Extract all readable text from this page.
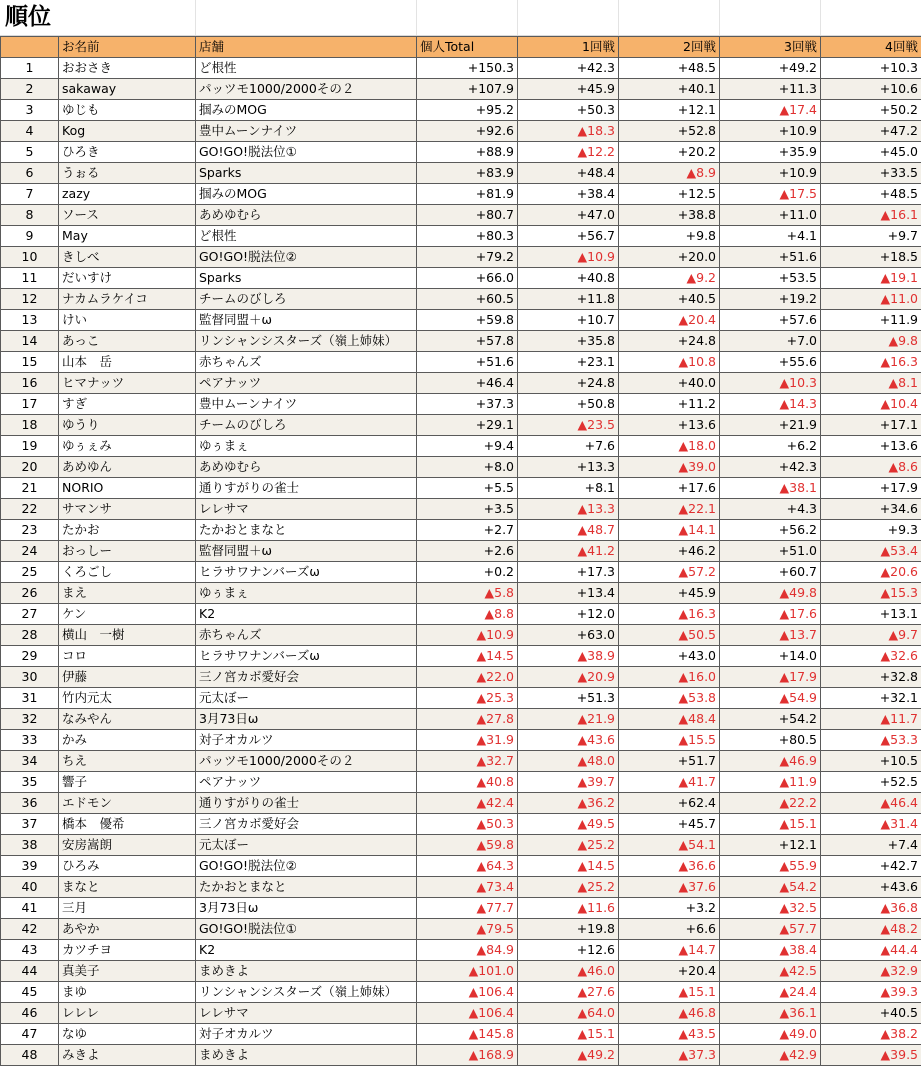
順位
	お名前	店舗	個人Total	1回戦	2回戦	3回戦	4回戦
1	おおさき	ど根性	+150.3	+42.3	+48.5	+49.2	+10.3
2	sakaway	パッツモ1000/2000その２	+107.9	+45.9	+40.1	+11.3	+10.6
3	ゆじも	掴みのMOG	+95.2	+50.3	+12.1	▲17.4	+50.2
4	Kog	豊中ムーンナイツ	+92.6	▲18.3	+52.8	+10.9	+47.2
5	ひろき	GO!GO!脱法位①	+88.9	▲12.2	+20.2	+35.9	+45.0
6	うぉる	Sparks	+83.9	+48.4	▲8.9	+10.9	+33.5
7	zazy	掴みのMOG	+81.9	+38.4	+12.5	▲17.5	+48.5
8	ソース	あめゆむら	+80.7	+47.0	+38.8	+11.0	▲16.1
9	May	ど根性	+80.3	+56.7	+9.8	+4.1	+9.7
10	きしべ	GO!GO!脱法位②	+79.2	▲10.9	+20.0	+51.6	+18.5
11	だいすけ	Sparks	+66.0	+40.8	▲9.2	+53.5	▲19.1
12	ナカムラケイコ	チームのびしろ	+60.5	+11.8	+40.5	+19.2	▲11.0
13	けい	監督同盟＋ω	+59.8	+10.7	▲20.4	+57.6	+11.9
14	あっこ	リンシャンシスターズ（嶺上姉妹）	+57.8	+35.8	+24.8	+7.0	▲9.8
15	山本　岳	赤ちゃんズ	+51.6	+23.1	▲10.8	+55.6	▲16.3
16	ヒマナッツ	ペアナッツ	+46.4	+24.8	+40.0	▲10.3	▲8.1
17	すぎ	豊中ムーンナイツ	+37.3	+50.8	+11.2	▲14.3	▲10.4
18	ゆうり	チームのびしろ	+29.1	▲23.5	+13.6	+21.9	+17.1
19	ゆぅぇみ	ゆぅまぇ	+9.4	+7.6	▲18.0	+6.2	+13.6
20	あめゆん	あめゆむら	+8.0	+13.3	▲39.0	+42.3	▲8.6
21	NORIO	通りすがりの雀士	+5.5	+8.1	+17.6	▲38.1	+17.9
22	サマンサ	レレサマ	+3.5	▲13.3	▲22.1	+4.3	+34.6
23	たかお	たかおとまなと	+2.7	▲48.7	▲14.1	+56.2	+9.3
24	おっしー	監督同盟＋ω	+2.6	▲41.2	+46.2	+51.0	▲53.4
25	くろごし	ヒラサワナンバーズω	+0.2	+17.3	▲57.2	+60.7	▲20.6
26	まえ	ゆぅまぇ	▲5.8	+13.4	+45.9	▲49.8	▲15.3
27	ケン	K2	▲8.8	+12.0	▲16.3	▲17.6	+13.1
28	横山　一樹	赤ちゃんズ	▲10.9	+63.0	▲50.5	▲13.7	▲9.7
29	コロ	ヒラサワナンバーズω	▲14.5	▲38.9	+43.0	+14.0	▲32.6
30	伊藤	三ノ宮カボ愛好会	▲22.0	▲20.9	▲16.0	▲17.9	+32.8
31	竹内元太	元太ぼー	▲25.3	+51.3	▲53.8	▲54.9	+32.1
32	なみやん	3月73日ω	▲27.8	▲21.9	▲48.4	+54.2	▲11.7
33	かみ	対子オカルツ	▲31.9	▲43.6	▲15.5	+80.5	▲53.3
34	ちえ	パッツモ1000/2000その２	▲32.7	▲48.0	+51.7	▲46.9	+10.5
35	響子	ペアナッツ	▲40.8	▲39.7	▲41.7	▲11.9	+52.5
36	エドモン	通りすがりの雀士	▲42.4	▲36.2	+62.4	▲22.2	▲46.4
37	橋本　優希	三ノ宮カボ愛好会	▲50.3	▲49.5	+45.7	▲15.1	▲31.4
38	安房嵩朗	元太ぼー	▲59.8	▲25.2	▲54.1	+12.1	+7.4
39	ひろみ	GO!GO!脱法位②	▲64.3	▲14.5	▲36.6	▲55.9	+42.7
40	まなと	たかおとまなと	▲73.4	▲25.2	▲37.6	▲54.2	+43.6
41	三月	3月73日ω	▲77.7	▲11.6	+3.2	▲32.5	▲36.8
42	あやか	GO!GO!脱法位①	▲79.5	+19.8	+6.6	▲57.7	▲48.2
43	カツチヨ	K2	▲84.9	+12.6	▲14.7	▲38.4	▲44.4
44	真美子	まめきよ	▲101.0	▲46.0	+20.4	▲42.5	▲32.9
45	まゆ	リンシャンシスターズ（嶺上姉妹）	▲106.4	▲27.6	▲15.1	▲24.4	▲39.3
46	レレレ	レレサマ	▲106.4	▲64.0	▲46.8	▲36.1	+40.5
47	なゆ	対子オカルツ	▲145.8	▲15.1	▲43.5	▲49.0	▲38.2
48	みきよ	まめきよ	▲168.9	▲49.2	▲37.3	▲42.9	▲39.5
